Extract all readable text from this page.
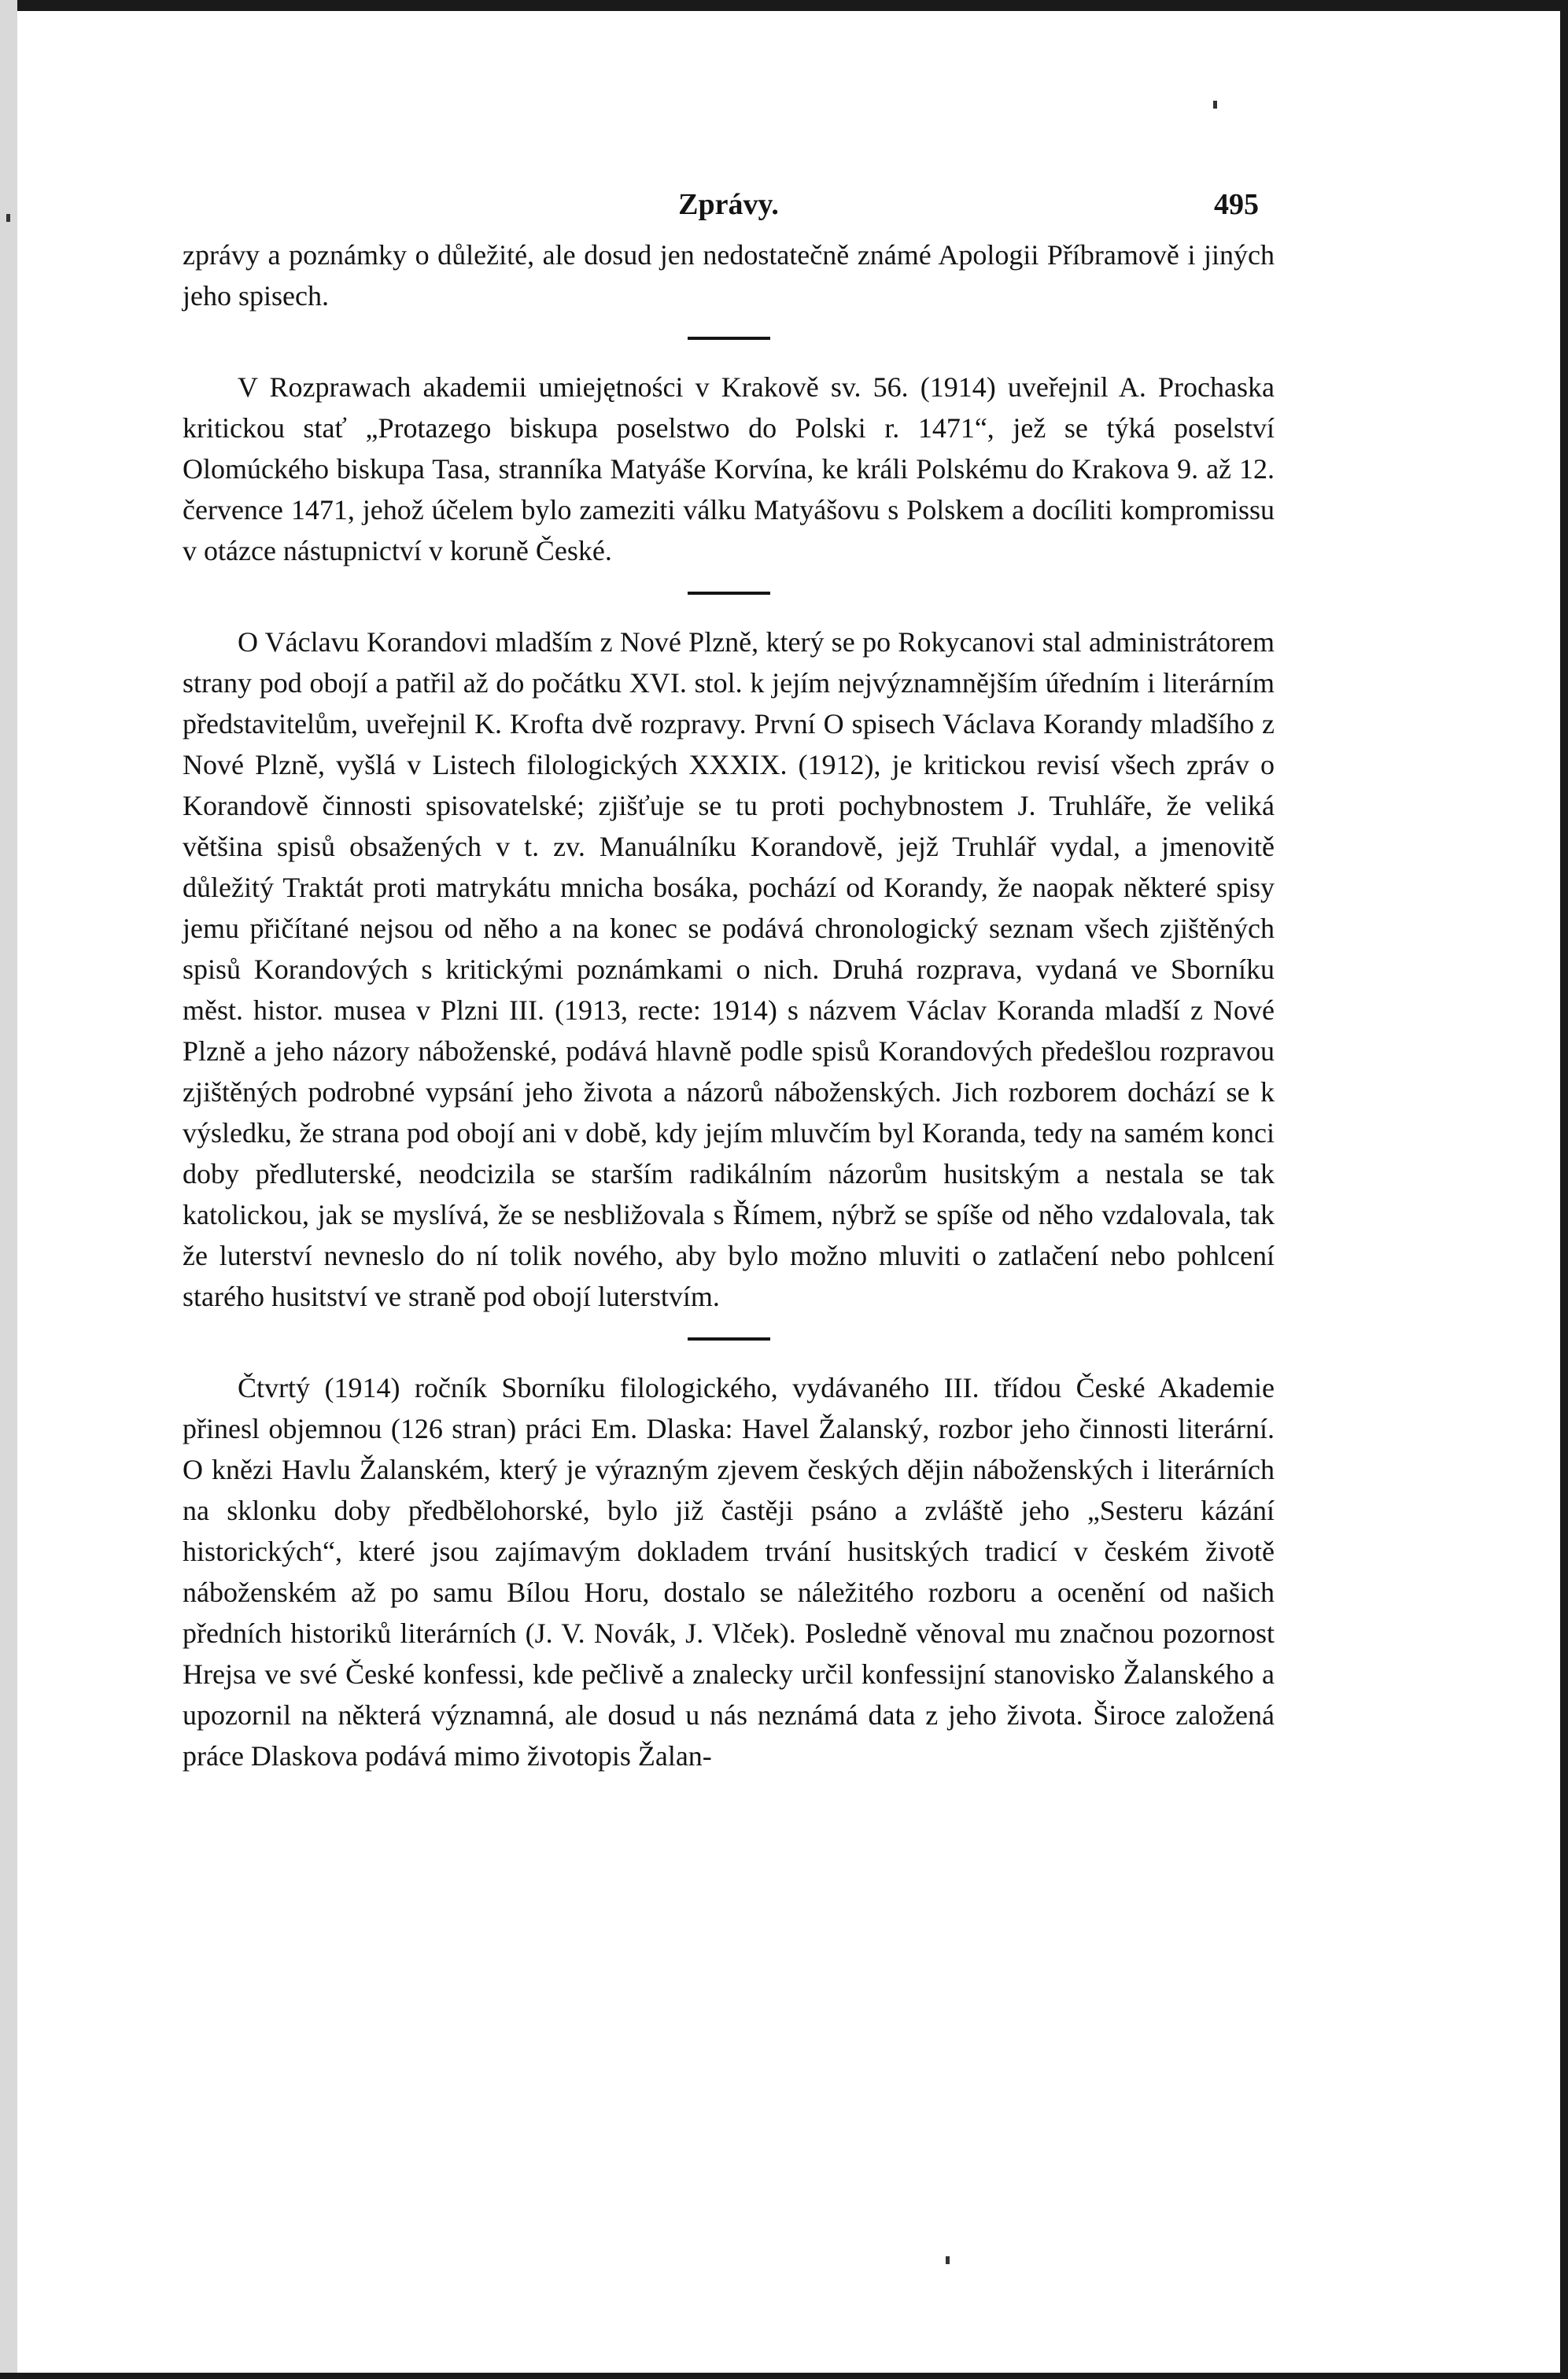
Zprávy.	495

zprávy a poznámky o důležité, ale dosud jen nedostatečně známé Apologii Příbramově i jiných jeho spisech.

V Rozprawach akademii umiejętności v Krakově sv. 56. (1914) uveřejnil A. Prochaska kritickou stať „Protazego biskupa poselstwo do Polski r. 1471“, jež se týká poselství Olomúckého biskupa Tasa, stranníka Matyáše Korvína, ke králi Polskému do Krakova 9. až 12. července 1471, jehož účelem bylo zameziti válku Matyášovu s Polskem a docíliti kompromissu v otázce nástupnictví v koruně České.

O Václavu Korandovi mladším z Nové Plzně, který se po Rokycanovi stal administrátorem strany pod obojí a patřil až do počátku XVI. stol. k jejím nejvýznamnějším úředním i literárním představitelům, uveřejnil K. Krofta dvě rozpravy. První O spisech Václava Korandy mladšího z Nové Plzně, vyšlá v Listech filologických XXXIX. (1912), je kritickou revisí všech zpráv o Korandově činnosti spisovatelské; zjišťuje se tu proti pochybnostem J. Truhláře, že veliká většina spisů obsažených v t. zv. Manuálníku Korandově, jejž Truhlář vydal, a jmenovitě důležitý Traktát proti matrykátu mnicha bosáka, pochází od Korandy, že naopak některé spisy jemu přičítané nejsou od něho a na konec se podává chronologický seznam všech zjištěných spisů Korandových s kritickými poznámkami o nich. Druhá rozprava, vydaná ve Sborníku měst. histor. musea v Plzni III. (1913, recte: 1914) s názvem Václav Koranda mladší z Nové Plzně a jeho názory náboženské, podává hlavně podle spisů Korandových předešlou rozpravou zjištěných podrobné vypsání jeho života a názorů náboženských. Jich rozborem dochází se k výsledku, že strana pod obojí ani v době, kdy jejím mluvčím byl Koranda, tedy na samém konci doby předluterské, neodcizila se starším radikálním názorům husitským a nestala se tak katolickou, jak se myslívá, že se nesbližovala s Římem, nýbrž se spíše od něho vzdalovala, tak že luterství nevneslo do ní tolik nového, aby bylo možno mluviti o zatlačení nebo pohlcení starého husitství ve straně pod obojí luterstvím.

Čtvrtý (1914) ročník Sborníku filologického, vydávaného III. třídou České Akademie přinesl objemnou (126 stran) práci Em. Dlaska: Havel Žalanský, rozbor jeho činnosti literární. O knězi Havlu Žalanském, který je výrazným zjevem českých dějin náboženských i literárních na sklonku doby předbělohorské, bylo již častěji psáno a zvláště jeho „Sesteru kázání historických“, které jsou zajímavým dokladem trvání husitských tradicí v českém životě náboženském až po samu Bílou Horu, dostalo se náležitého rozboru a ocenění od našich předních historiků literárních (J. V. Novák, J. Vlček). Posledně věnoval mu značnou pozornost Hrejsa ve své České konfessi, kde pečlivě a znalecky určil konfessijní stanovisko Žalanského a upozornil na některá významná, ale dosud u nás neznámá data z jeho života. Široce založená práce Dlaskova podává mimo životopis Žalan-
